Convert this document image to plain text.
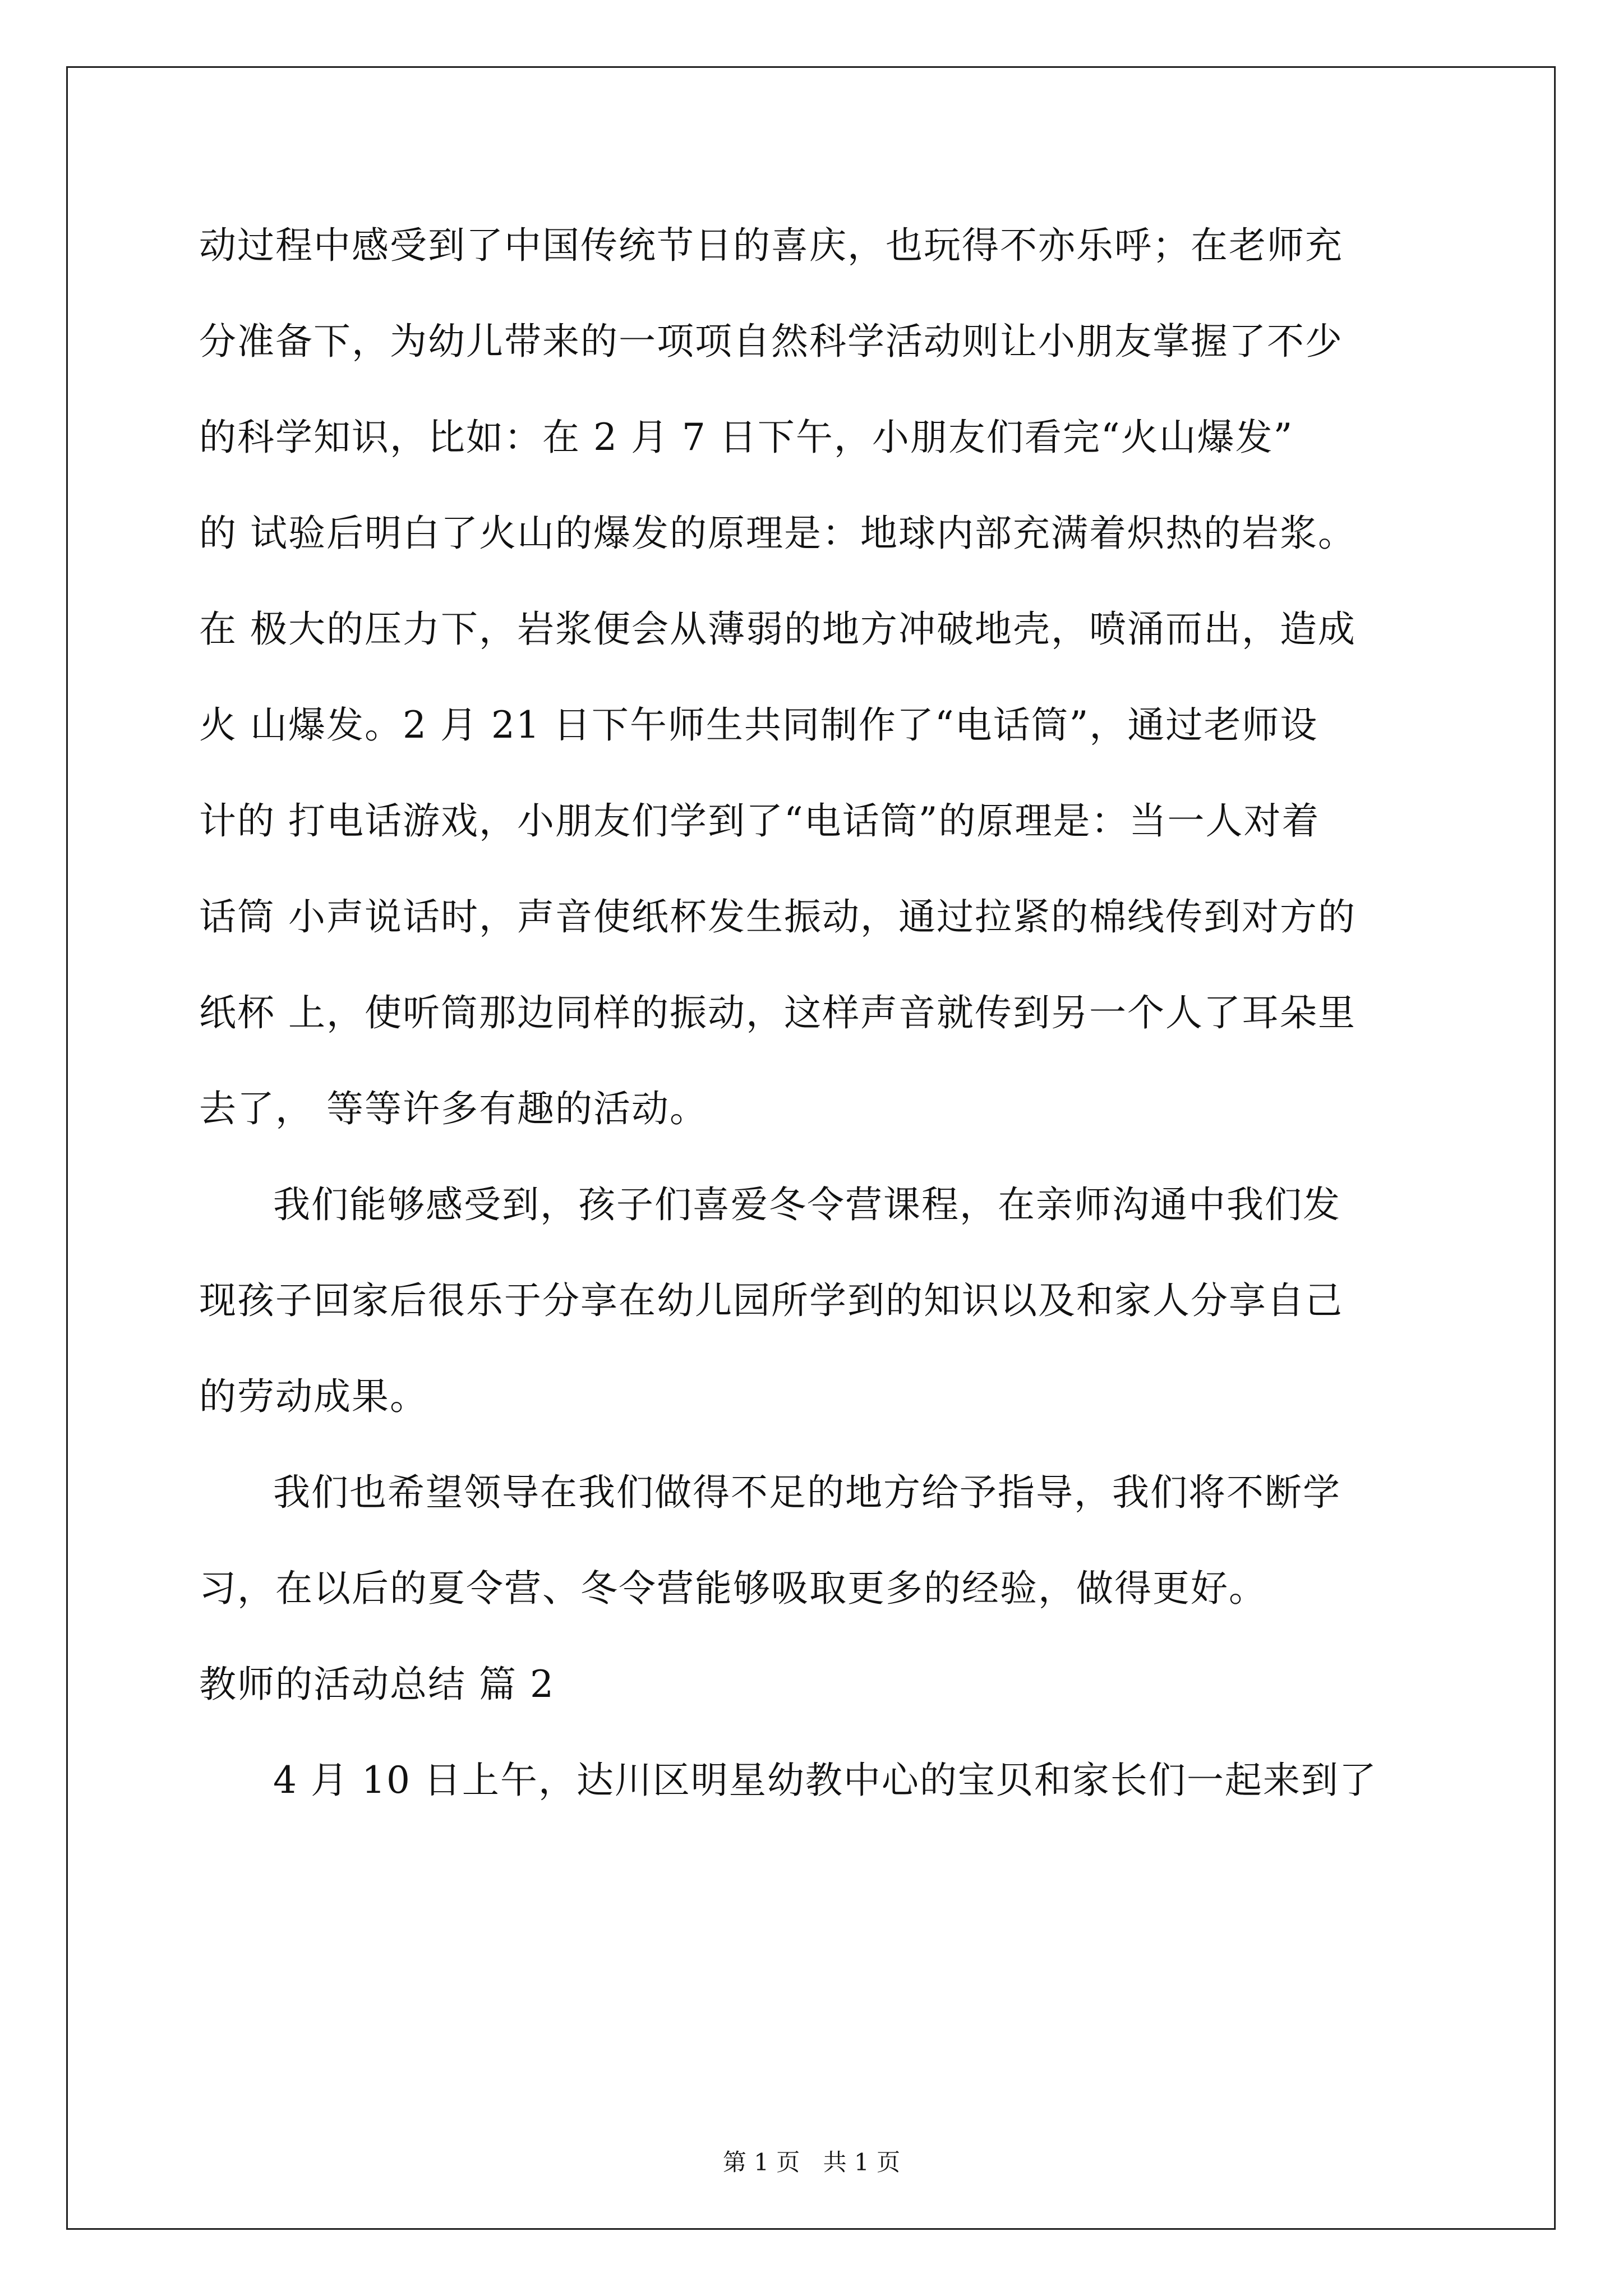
动过程中感受到了中国传统节日的喜庆，也玩得不亦乐呼；在老师充
分准备下，为幼儿带来的一项项自然科学活动则让小朋友掌握了不少
的科学知识，比如：在 2 月 7 日下午，小朋友们看完“火山爆发”
的 试验后明白了火山的爆发的原理是：地球内部充满着炽热的岩浆。
在 极大的压力下，岩浆便会从薄弱的地方冲破地壳，喷涌而出，造成
火 山爆发。2 月 21 日下午师生共同制作了“电话筒”，通过老师设
计的 打电话游戏，小朋友们学到了“电话筒”的原理是：当一人对着
话筒 小声说话时，声音使纸杯发生振动，通过拉紧的棉线传到对方的
纸杯 上，使听筒那边同样的振动，这样声音就传到另一个人了耳朵里
去了， 等等许多有趣的活动。
我们能够感受到，孩子们喜爱冬令营课程，在亲师沟通中我们发
现孩子回家后很乐于分享在幼儿园所学到的知识以及和家人分享自己
的劳动成果。
我们也希望领导在我们做得不足的地方给予指导，我们将不断学
习，在以后的夏令营、冬令营能够吸取更多的经验，做得更好。
教师的活动总结 篇 2
4 月 10 日上午，达川区明星幼教中心的宝贝和家长们一起来到了
第 1 页 共 1 页
